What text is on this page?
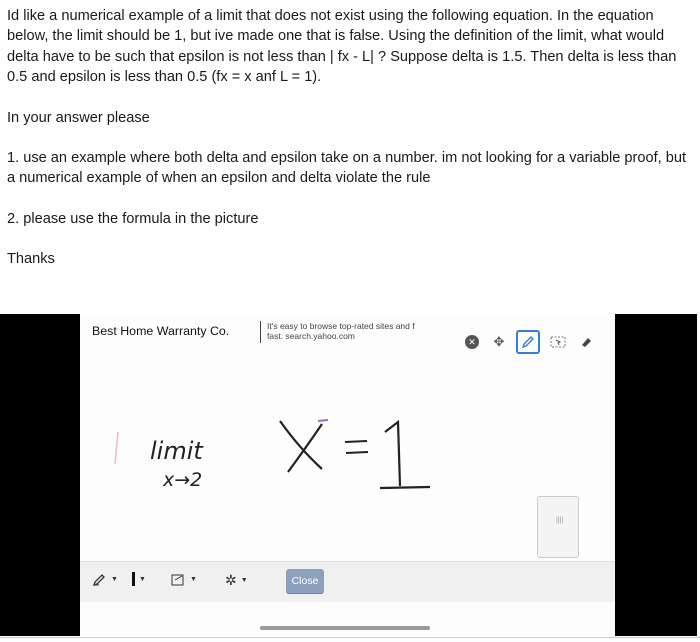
Id like a numerical example of a limit that does not exist using the following equation. In the equation below, the limit should be 1, but ive made one that is false. Using the definition of the limit, what would delta have to be such that epsilon is not less than | fx - L| ? Suppose delta is 1.5. Then delta is less than 0.5 and epsilon is less than 0.5 (fx = x anf L = 1).

In your answer please

1. use an example where both delta and epsilon take on a number. im not looking for a variable proof, but a numerical example of when an epsilon and delta violate the rule

2. please use the formula in the picture

Thanks

Best Home Warranty Co.	It's easy to browse top-rated sites and f
fast. search.yahoo.com
✕	✥
limit
x→2
||||
▼	▼	▼ ✲ ▼	Close
